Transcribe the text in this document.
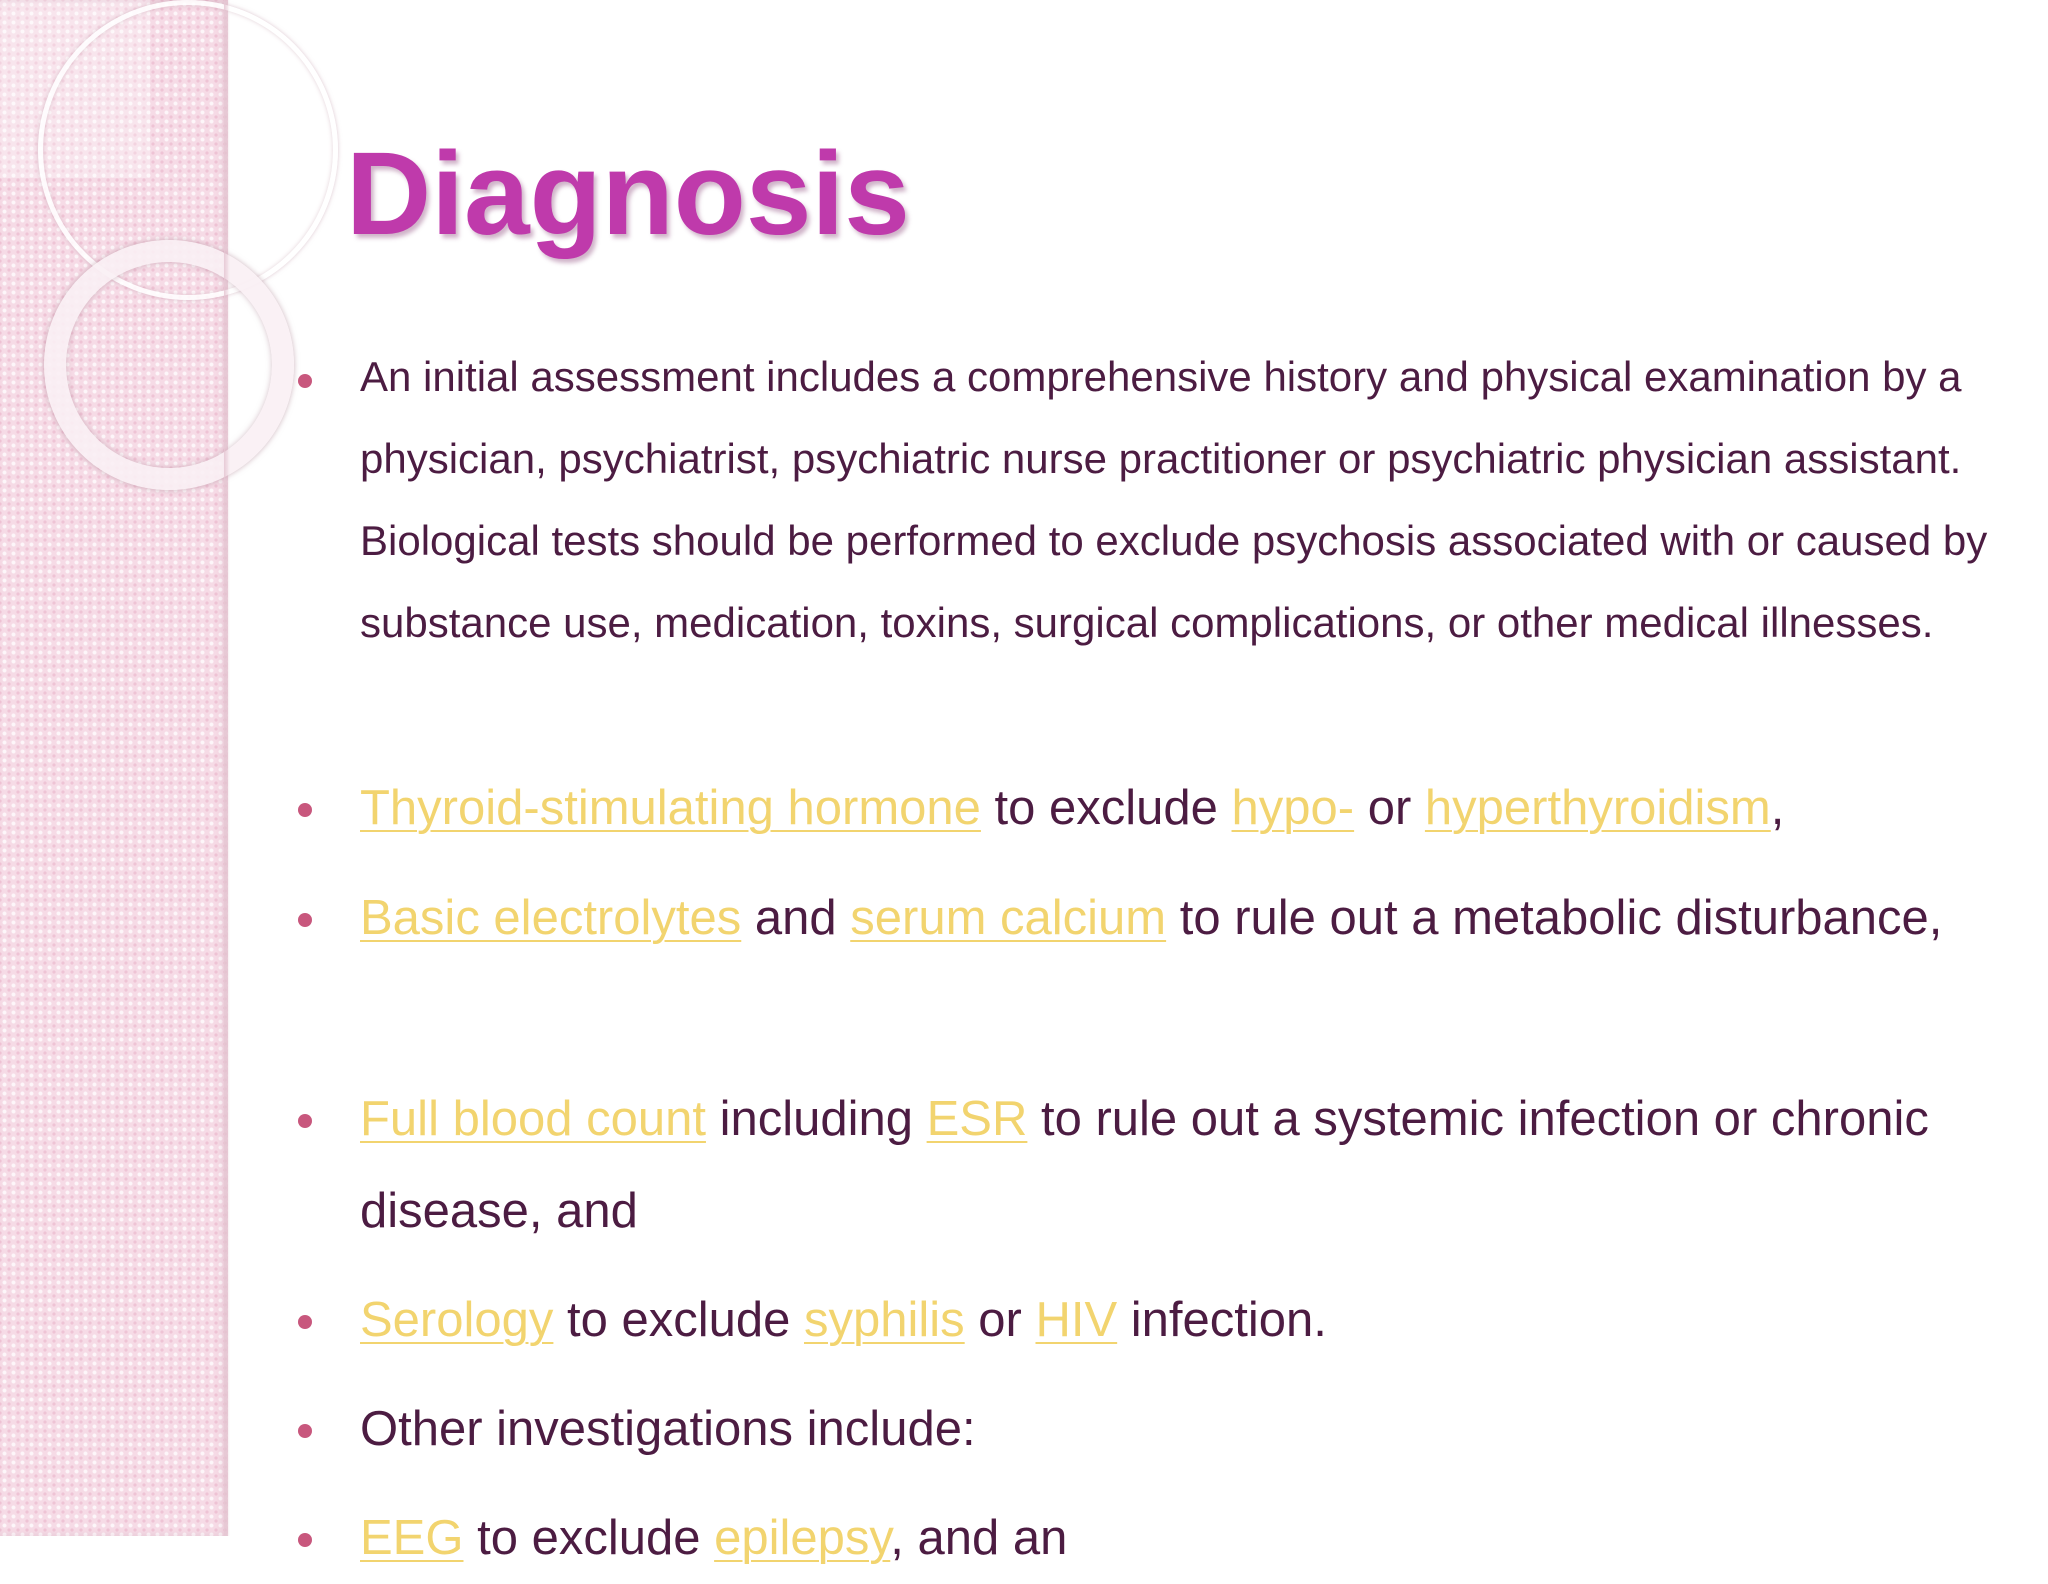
Diagnosis
An initial assessment includes a comprehensive history and physical examination by a physician, psychiatrist, psychiatric nurse practitioner or psychiatric physician assistant. Biological tests should be performed to exclude psychosis associated with or caused by substance use, medication, toxins, surgical complications, or other medical illnesses.
Thyroid-stimulating hormone to exclude hypo- or hyperthyroidism,
Basic electrolytes and serum calcium to rule out a metabolic disturbance,
Full blood count including ESR to rule out a systemic infection or chronic disease, and
Serology to exclude syphilis or HIV infection.
Other investigations include:
EEG to exclude epilepsy, and an
